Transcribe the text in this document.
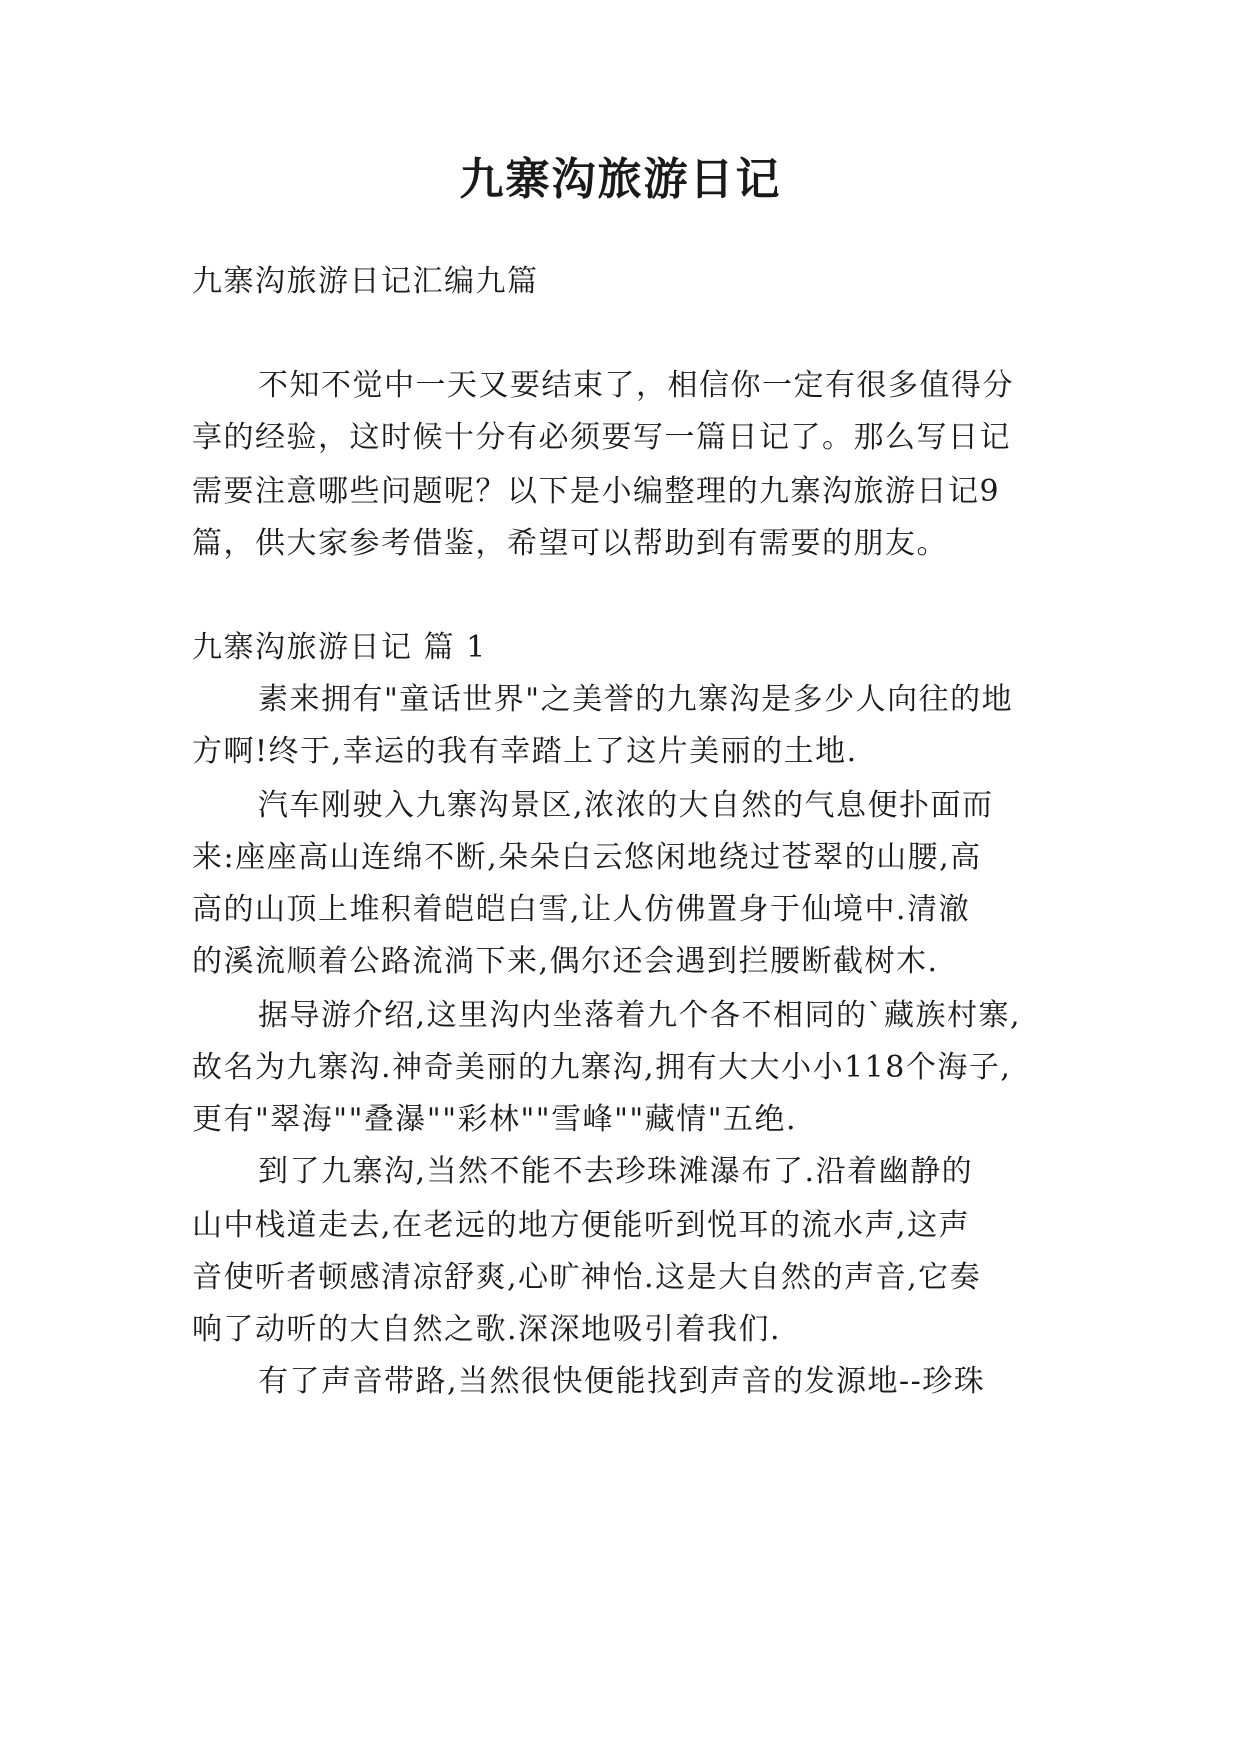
九寨沟旅游日记
九寨沟旅游日记汇编九篇
不知不觉中一天又要结束了，相信你一定有很多值得分
享的经验，这时候十分有必须要写一篇日记了。那么写日记
需要注意哪些问题呢？以下是小编整理的九寨沟旅游日记9
篇，供大家参考借鉴，希望可以帮助到有需要的朋友。
九寨沟旅游日记 篇 1
素来拥有"童话世界"之美誉的九寨沟是多少人向往的地
方啊!终于,幸运的我有幸踏上了这片美丽的土地.
汽车刚驶入九寨沟景区,浓浓的大自然的气息便扑面而
来:座座高山连绵不断,朵朵白云悠闲地绕过苍翠的山腰,高
高的山顶上堆积着皑皑白雪,让人仿佛置身于仙境中.清澈
的溪流顺着公路流淌下来,偶尔还会遇到拦腰断截树木.
据导游介绍,这里沟内坐落着九个各不相同的`藏族村寨,
故名为九寨沟.神奇美丽的九寨沟,拥有大大小小118个海子,
更有"翠海""叠瀑""彩林""雪峰""藏情"五绝.
到了九寨沟,当然不能不去珍珠滩瀑布了.沿着幽静的
山中栈道走去,在老远的地方便能听到悦耳的流水声,这声
音使听者顿感清凉舒爽,心旷神怡.这是大自然的声音,它奏
响了动听的大自然之歌.深深地吸引着我们.
有了声音带路,当然很快便能找到声音的发源地--珍珠
